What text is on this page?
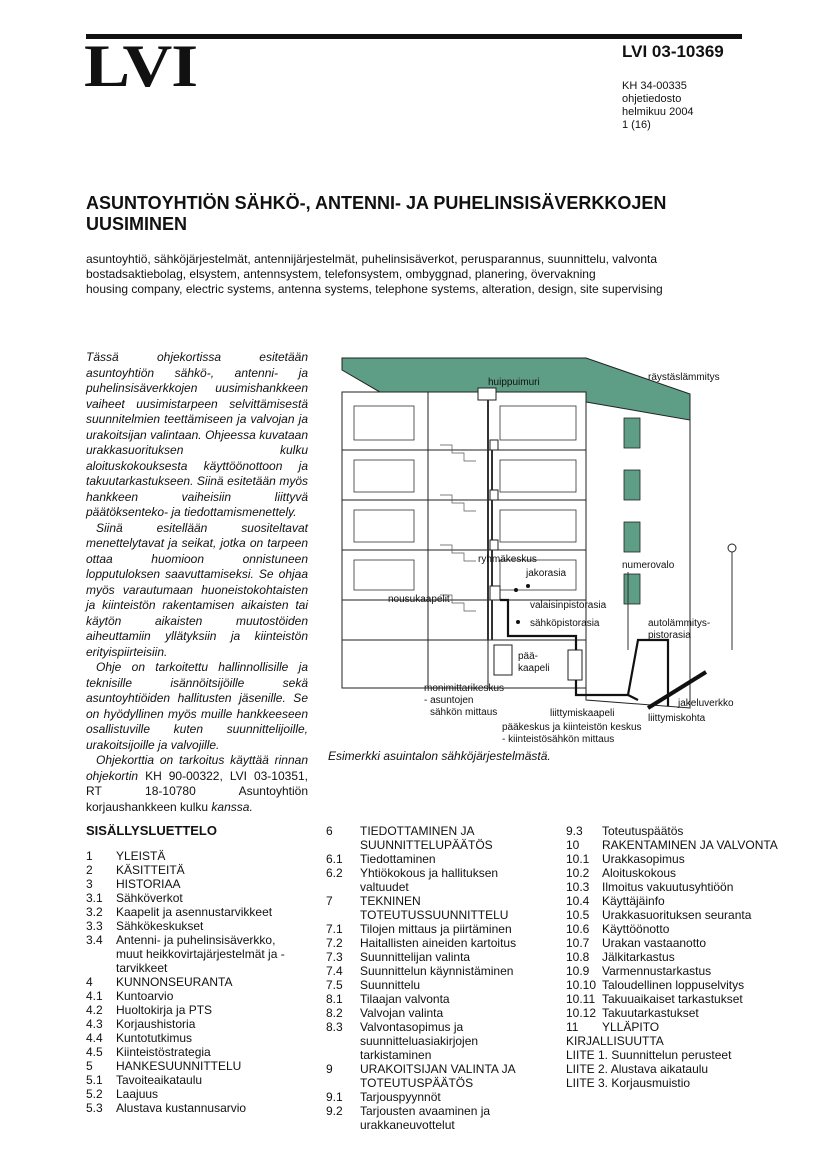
LVI	LVI 03-10369
KH 34-00335
ohjetiedosto
helmikuu 2004
1 (16)
ASUNTOYHTIÖN SÄHKÖ-, ANTENNI- JA PUHELINSISÄVERKKOJEN
UUSIMINEN
asuntoyhtiö, sähköjärjestelmät, antennijärjestelmät, puhelinsisäverkot, perusparannus, suunnittelu, valvonta
bostadsaktiebolag, elsystem, antennsystem, telefonsystem, ombyggnad, planering, övervakning
housing company, electric systems, antenna systems, telephone systems, alteration, design, site supervising

Tässä ohjekortissa esitetään asuntoyhtiön sähkö-, antenni- ja puhelinsisäverkkojen uusimishankkeen vaiheet uusimistarpeen selvittämisestä suunnitelmien teettämiseen ja valvojan ja urakoitsijan valintaan. Ohjeessa kuvataan urakkasuorituksen kulku aloituskokouksesta käyttöönottoon ja takuutarkastukseen. Siinä esitetään myös hankkeen vaiheisiin liittyvä päätöksenteko- ja tiedottamismenettely.

Siinä esitellään suositeltavat menettelytavat ja seikat, jotka on tarpeen ottaa huomioon onnistuneen lopputuloksen saavuttamiseksi. Se ohjaa myös varautumaan huoneistokohtaisten ja kiinteistön rakentamisen aikaisten tai käytön aikaisten muutostöiden aiheuttamiin yllätyksiin ja kiinteistön erityispiirteisiin.

Ohje on tarkoitettu hallinnollisille ja teknisille isännöitsijöille sekä asuntoyhtiöiden hallitusten jäsenille. Se on hyödyllinen myös muille hankkeeseen osallistuville kuten suunnittelijoille, urakoitsijoille ja valvojille.

Ohjekorttia on tarkoitus käyttää rinnan ohjekortin KH 90-00322, LVI 03-10351, RT 18-10780 Asuntoyhtiön korjaushankkeen kulku kanssa.

huippuimuri	räystäslämmitys
ryhmäkeskus
jakorasia
numerovalo
nousukaapelit
valaisinpistorasia
sähköpistorasia	autolämmitys-
pistorasia
pää-
kaapeli
monimittarikeskus
- asuntojen
sähkön mittaus	liittymiskaapeli
jakeluverkko
liittymiskohta
pääkeskus ja kiinteistön keskus
- kiinteistösähkön mittaus
Esimerkki asuintalon sähköjärjestelmästä.
SISÄLLYSLUETTELO
1	YLEISTÄ
2	KÄSITTEITÄ
3	HISTORIAA
3.1	Sähköverkot
3.2	Kaapelit ja asennustarvikkeet
3.3	Sähkökeskukset
3.4	Antenni- ja puhelinsisäverkko, muut heikkovirtajärjestelmät ja -tarvikkeet
4	KUNNONSEURANTA
4.1	Kuntoarvio
4.2	Huoltokirja ja PTS
4.3	Korjaushistoria
4.4	Kuntotutkimus
4.5	Kiinteistöstrategia
5	HANKESUUNNITTELU
5.1	Tavoiteaikataulu
5.2	Laajuus
5.3	Alustava kustannusarvio
6	TIEDOTTAMINEN JA SUUNNITTELUPÄÄTÖS
6.1	Tiedottaminen
6.2	Yhtiökokous ja hallituksen valtuudet
7	TEKNINEN TOTEUTUSSUUNNITTELU
7.1	Tilojen mittaus ja piirtäminen
7.2	Haitallisten aineiden kartoitus
7.3	Suunnittelijan valinta
7.4	Suunnittelun käynnistäminen
7.5	Suunnittelu
8.1	Tilaajan valvonta
8.2	Valvojan valinta
8.3	Valvontasopimus ja suunnitteluasiakirjojen tarkistaminen
9	URAKOITSIJAN VALINTA JA TOTEUTUSPÄÄTÖS
9.1	Tarjouspyynnöt
9.2	Tarjousten avaaminen ja urakkaneuvottelut
9.3	Toteutuspäätös
10	RAKENTAMINEN JA VALVONTA
10.1	Urakkasopimus
10.2	Aloituskokous
10.3	Ilmoitus vakuutusyhtiöön
10.4	Käyttäjäinfo
10.5	Urakkasuorituksen seuranta
10.6	Käyttöönotto
10.7	Urakan vastaanotto
10.8	Jälkitarkastus
10.9	Varmennustarkastus
10.10 Taloudellinen loppuselvitys
10.11 Takuuaikaiset tarkastukset
10.12 Takuutarkastukset
11	YLLÄPITO
KIRJALLISUUTTA
LIITE 1. Suunnittelun perusteet
LIITE 2. Alustava aikataulu
LIITE 3. Korjausmuistio
